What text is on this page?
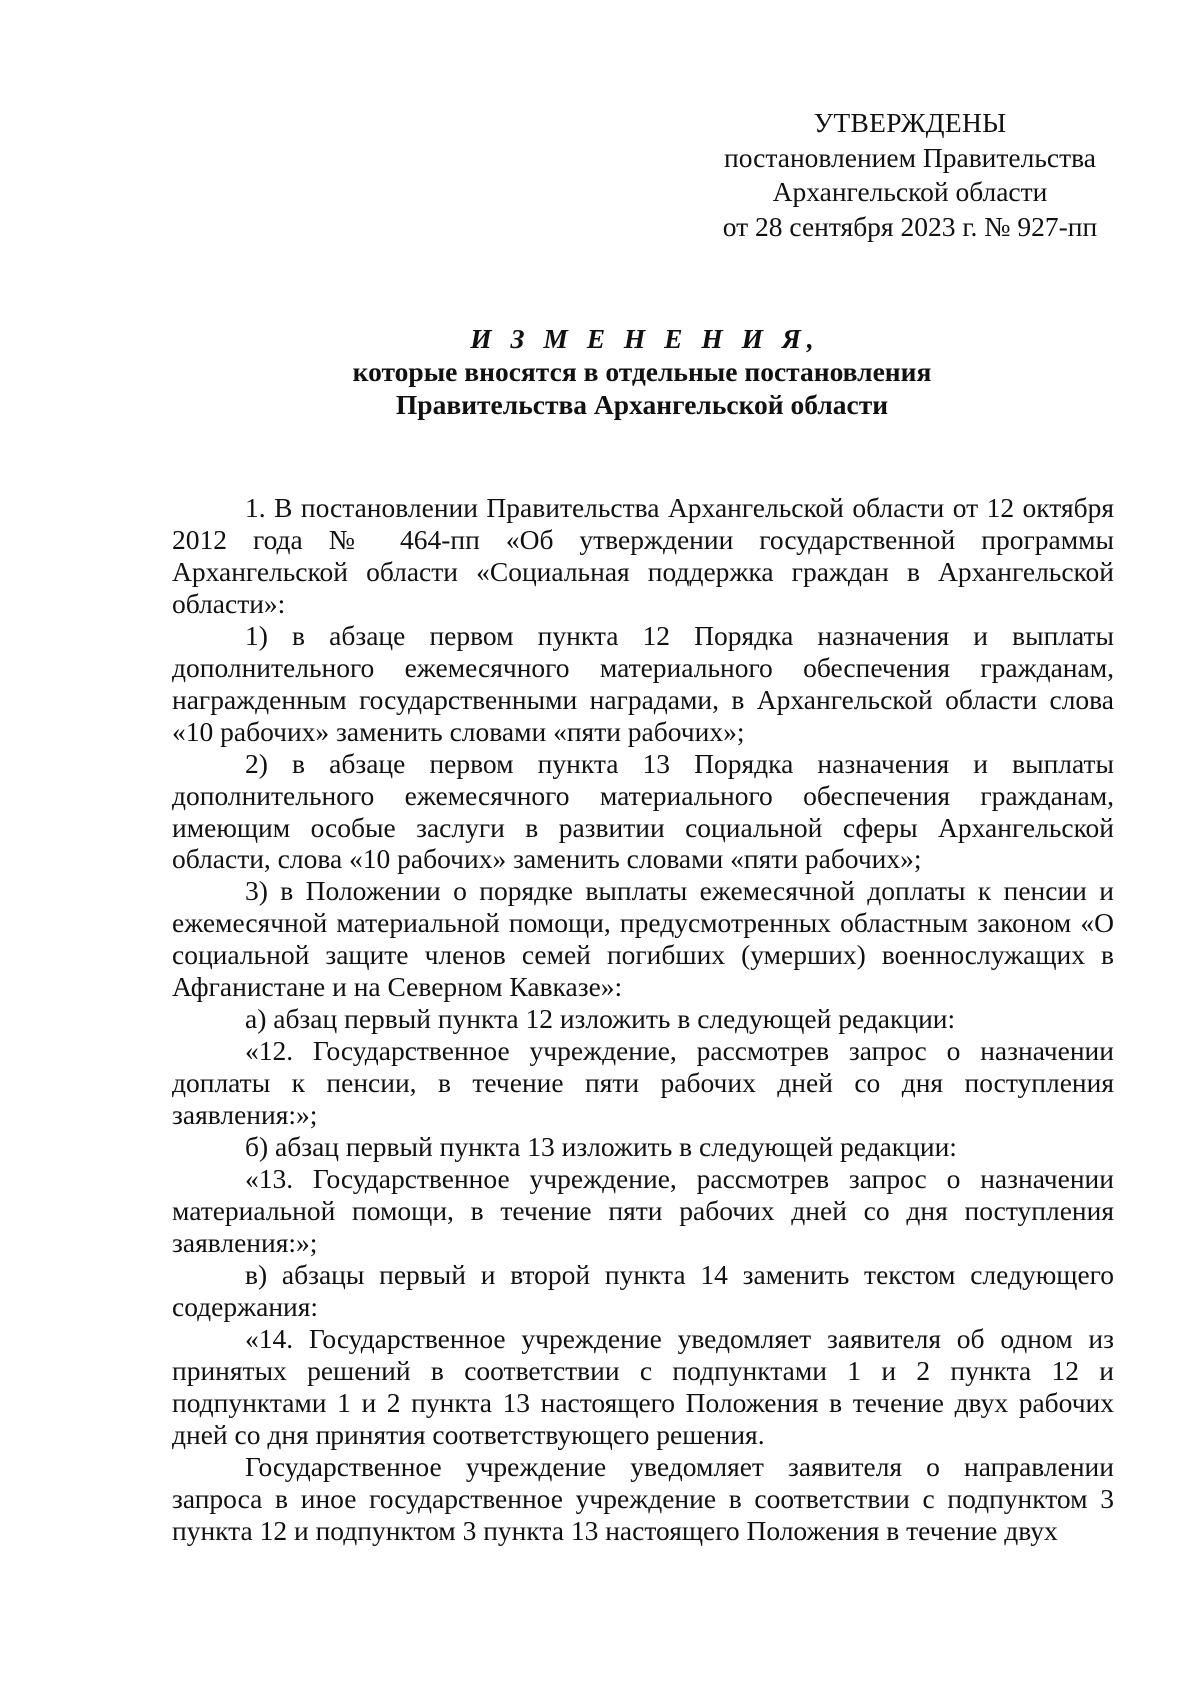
УТВЕРЖДЕНЫ
постановлением Правительства
Архангельской области
от 28 сентября 2023 г. № 927-пп
И З М Е Н Е Н И Я,
которые вносятся в отдельные постановления
Правительства Архангельской области

1. В постановлении Правительства Архангельской области от 12 октября 2012 года № 464-пп «Об утверждении государственной программы Архангельской области «Социальная поддержка граждан в Архангельской области»:

1) в абзаце первом пункта 12 Порядка назначения и выплаты дополнительного ежемесячного материального обеспечения гражданам, награжденным государственными наградами, в Архангельской области слова «10 рабочих» заменить словами «пяти рабочих»;

2) в абзаце первом пункта 13 Порядка назначения и выплаты дополнительного ежемесячного материального обеспечения гражданам, имеющим особые заслуги в развитии социальной сферы Архангельской области, слова «10 рабочих» заменить словами «пяти рабочих»;

3) в Положении о порядке выплаты ежемесячной доплаты к пенсии и ежемесячной материальной помощи, предусмотренных областным законом «О социальной защите членов семей погибших (умерших) военнослужащих в Афганистане и на Северном Кавказе»:

а) абзац первый пункта 12 изложить в следующей редакции:

«12. Государственное учреждение, рассмотрев запрос о назначении доплаты к пенсии, в течение пяти рабочих дней со дня поступления заявления:»;

б) абзац первый пункта 13 изложить в следующей редакции:

«13. Государственное учреждение, рассмотрев запрос о назначении материальной помощи, в течение пяти рабочих дней со дня поступления заявления:»;

в) абзацы первый и второй пункта 14 заменить текстом следующего содержания:

«14. Государственное учреждение уведомляет заявителя об одном из принятых решений в соответствии с подпунктами 1 и 2 пункта 12 и подпунктами 1 и 2 пункта 13 настоящего Положения в течение двух рабочих дней со дня принятия соответствующего решения.

Государственное учреждение уведомляет заявителя о направлении запроса в иное государственное учреждение в соответствии с подпунктом 3 пункта 12 и подпунктом 3 пункта 13 настоящего Положения в течение двух
